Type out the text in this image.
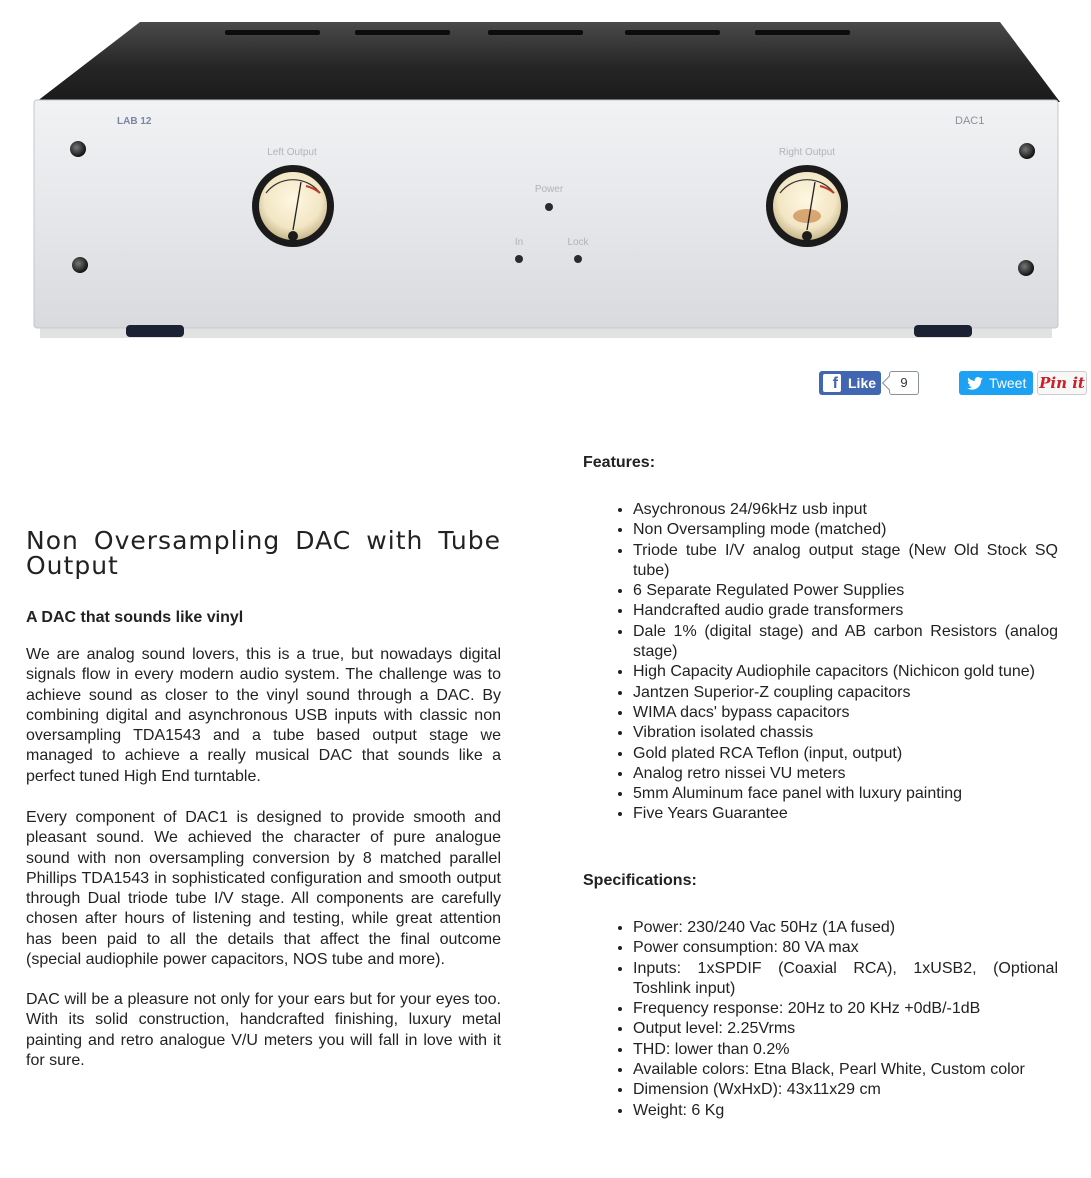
LAB 12	DAC1
Left Output	Right Output
Power
In	Lock
f Like	9	Tweet Pin it
Non Oversampling DAC with Tube Output

A DAC that sounds like vinyl

We are analog sound lovers, this is a true, but nowadays digital signals flow in every modern audio system. The challenge was to achieve sound as closer to the vinyl sound through a DAC. By combining digital and asynchronous USB inputs with classic non oversampling TDA1543 and a tube based output stage we managed to achieve a really musical DAC that sounds like a perfect tuned High End turntable.

Every component of DAC1 is designed to provide smooth and pleasant sound. We achieved the character of pure analogue sound with non oversampling conversion by 8 matched parallel Phillips TDA1543 in sophisticated configuration and smooth output through Dual triode tube I/V stage. All components are carefully chosen after hours of listening and testing, while great attention has been paid to all the details that affect the final outcome (special audiophile power capacitors, NOS tube and more).

DAC will be a pleasure not only for your ears but for your eyes too. With its solid construction, handcrafted finishing, luxury metal painting and retro analogue V/U meters you will fall in love with it for sure.

Features:

• Asychronous 24/96kHz usb input
• Non Oversampling mode (matched)
• Triode tube I/V analog output stage (New Old Stock SQ tube)
• 6 Separate Regulated Power Supplies
• Handcrafted audio grade transformers
• Dale 1% (digital stage) and AB carbon Resistors (analog stage)
• High Capacity Audiophile capacitors (Nichicon gold tune)
• Jantzen Superior-Z coupling capacitors
• WIMA dacs' bypass capacitors
• Vibration isolated chassis
• Gold plated RCA Teflon (input, output)
• Analog retro nissei VU meters
• 5mm Aluminum face panel with luxury painting
• Five Years Guarantee

Specifications:

• Power: 230/240 Vac 50Hz (1A fused)
• Power consumption: 80 VA max
• Inputs: 1xSPDIF (Coaxial RCA), 1xUSB2, (Optional Toshlink input)
• Frequency response: 20Hz to 20 KHz +0dB/-1dB
• Output level: 2.25Vrms
• THD: lower than 0.2%
• Available colors: Etna Black, Pearl White, Custom color
• Dimension (WxHxD): 43x11x29 cm
• Weight: 6 Kg
